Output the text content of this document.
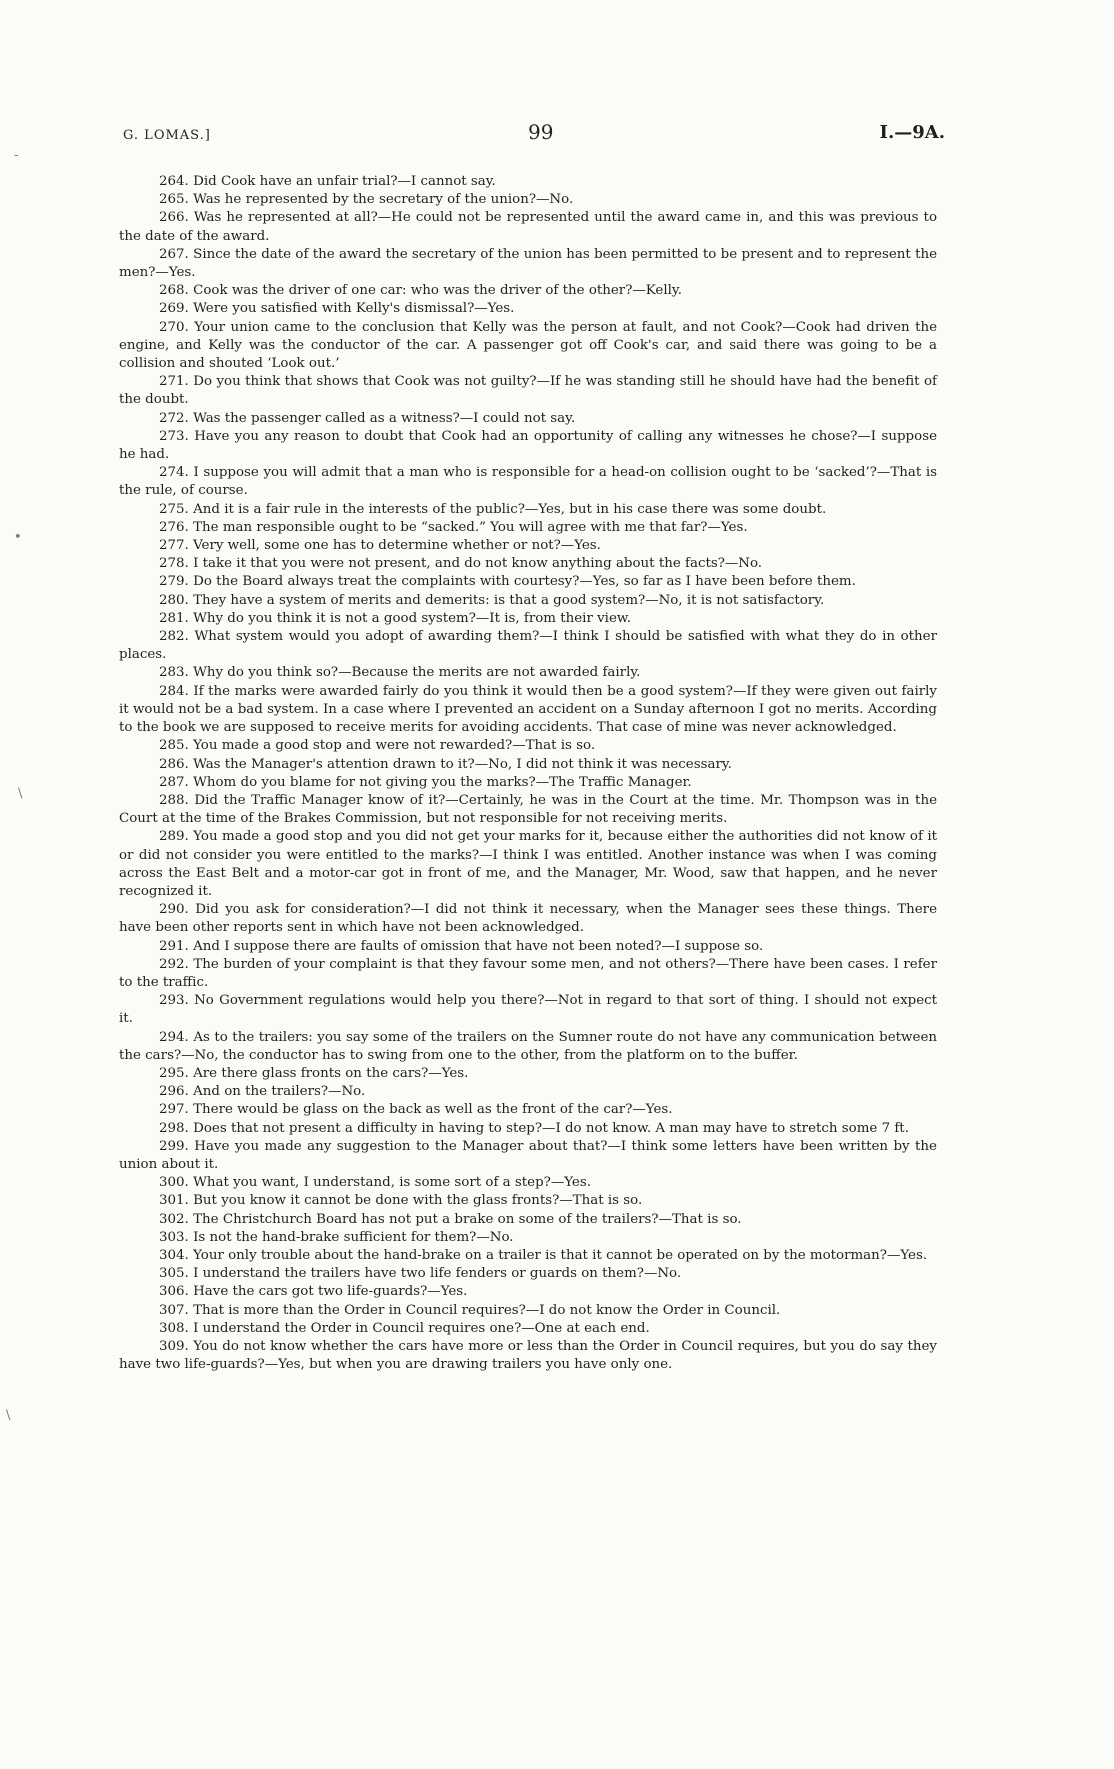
G. LOMAS.]	99	I.—9A.
-
•
\
\

264. Did Cook have an unfair trial?—I cannot say.

265. Was he represented by the secretary of the union?—No.

266. Was he represented at all?—He could not be represented until the award came in, and this was previous to the date of the award.

267. Since the date of the award the secretary of the union has been permitted to be present and to represent the men?—Yes.

268. Cook was the driver of one car: who was the driver of the other?—Kelly.

269. Were you satisfied with Kelly's dismissal?—Yes.

270. Your union came to the conclusion that Kelly was the person at fault, and not Cook?—Cook had driven the engine, and Kelly was the conductor of the car. A passenger got off Cook's car, and said there was going to be a collision and shouted ‘Look out.’

271. Do you think that shows that Cook was not guilty?—If he was standing still he should have had the benefit of the doubt.

272. Was the passenger called as a witness?—I could not say.

273. Have you any reason to doubt that Cook had an opportunity of calling any witnesses he chose?—I suppose he had.

274. I suppose you will admit that a man who is responsible for a head-on collision ought to be ‘sacked’?—That is the rule, of course.

275. And it is a fair rule in the interests of the public?—Yes, but in his case there was some doubt.

276. The man responsible ought to be “sacked.” You will agree with me that far?—Yes.

277. Very well, some one has to determine whether or not?—Yes.

278. I take it that you were not present, and do not know anything about the facts?—No.

279. Do the Board always treat the complaints with courtesy?—Yes, so far as I have been before them.

280. They have a system of merits and demerits: is that a good system?—No, it is not satisfactory.

281. Why do you think it is not a good system?—It is, from their view.

282. What system would you adopt of awarding them?—I think I should be satisfied with what they do in other places.

283. Why do you think so?—Because the merits are not awarded fairly.

284. If the marks were awarded fairly do you think it would then be a good system?—If they were given out fairly it would not be a bad system. In a case where I prevented an accident on a Sunday afternoon I got no merits. According to the book we are supposed to receive merits for avoiding accidents. That case of mine was never acknowledged.

285. You made a good stop and were not rewarded?—That is so.

286. Was the Manager's attention drawn to it?—No, I did not think it was necessary.

287. Whom do you blame for not giving you the marks?—The Traffic Manager.

288. Did the Traffic Manager know of it?—Certainly, he was in the Court at the time. Mr. Thompson was in the Court at the time of the Brakes Commission, but not responsible for not receiving merits.

289. You made a good stop and you did not get your marks for it, because either the authorities did not know of it or did not consider you were entitled to the marks?—I think I was entitled. Another instance was when I was coming across the East Belt and a motor-car got in front of me, and the Manager, Mr. Wood, saw that happen, and he never recognized it.

290. Did you ask for consideration?—I did not think it necessary, when the Manager sees these things. There have been other reports sent in which have not been acknowledged.

291. And I suppose there are faults of omission that have not been noted?—I suppose so.

292. The burden of your complaint is that they favour some men, and not others?—There have been cases. I refer to the traffic.

293. No Government regulations would help you there?—Not in regard to that sort of thing. I should not expect it.

294. As to the trailers: you say some of the trailers on the Sumner route do not have any communication between the cars?—No, the conductor has to swing from one to the other, from the platform on to the buffer.

295. Are there glass fronts on the cars?—Yes.

296. And on the trailers?—No.

297. There would be glass on the back as well as the front of the car?—Yes.

298. Does that not present a difficulty in having to step?—I do not know. A man may have to stretch some 7 ft.

299. Have you made any suggestion to the Manager about that?—I think some letters have been written by the union about it.

300. What you want, I understand, is some sort of a step?—Yes.

301. But you know it cannot be done with the glass fronts?—That is so.

302. The Christchurch Board has not put a brake on some of the trailers?—That is so.

303. Is not the hand-brake sufficient for them?—No.

304. Your only trouble about the hand-brake on a trailer is that it cannot be operated on by the motorman?—Yes.

305. I understand the trailers have two life fenders or guards on them?—No.

306. Have the cars got two life-guards?—Yes.

307. That is more than the Order in Council requires?—I do not know the Order in Council.

308. I understand the Order in Council requires one?—One at each end.

309. You do not know whether the cars have more or less than the Order in Council requires, but you do say they have two life-guards?—Yes, but when you are drawing trailers you have only one.
